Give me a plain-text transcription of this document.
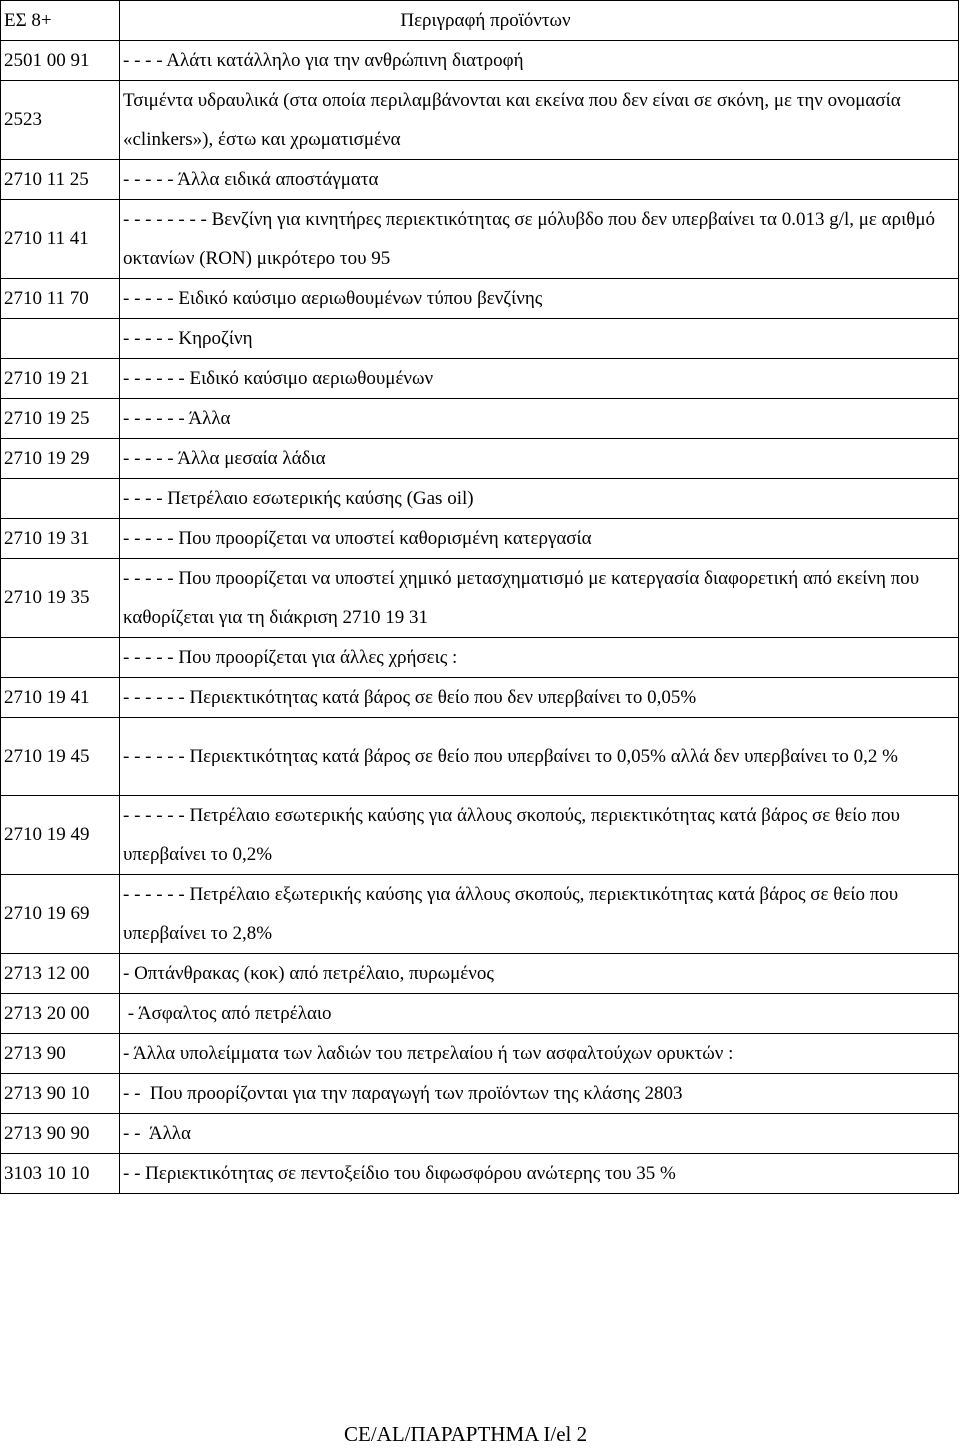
ΕΣ 8+	Περιγραφή προϊόντων
2501 00 91	- - - - Αλάτι κατάλληλο για την ανθρώπινη διατροφή
2523	Τσιμέντα υδραυλικά (στα οποία περιλαμβάνονται και εκείνα που δεν είναι σε σκόνη, με την ονομασία «clinkers»), έστω και χρωματισμένα
2710 11 25	- - - - - Άλλα ειδικά αποστάγματα
2710 11 41	- - - - - - - - Βενζίνη για κινητήρες περιεκτικότητας σε μόλυβδο που δεν υπερβαίνει τα 0.013 g/l, με αριθμό οκτανίων (RON) μικρότερο του 95
2710 11 70	- - - - - Ειδικό καύσιμο αεριωθουμένων τύπου βενζίνης
	- - - - - Κηροζίνη
2710 19 21	- - - - - - Ειδικό καύσιμο αεριωθουμένων
2710 19 25	- - - - - - Άλλα
2710 19 29	- - - - - Άλλα μεσαία λάδια
	- - - - Πετρέλαιο εσωτερικής καύσης (Gas oil)
2710 19 31	- - - - - Που προορίζεται να υποστεί καθορισμένη κατεργασία
2710 19 35	- - - - - Που προορίζεται να υποστεί χημικό μετασχηματισμό με κατεργασία διαφορετική από εκείνη που καθορίζεται για τη διάκριση 2710 19 31
	- - - - - Που προορίζεται για άλλες χρήσεις :
2710 19 41	- - - - - - Περιεκτικότητας κατά βάρος σε θείο που δεν υπερβαίνει το 0,05%
2710 19 45	- - - - - - Περιεκτικότητας κατά βάρος σε θείο που υπερβαίνει το 0,05% αλλά δεν υπερβαίνει το 0,2 %
2710 19 49	- - - - - - Πετρέλαιο εσωτερικής καύσης για άλλους σκοπούς, περιεκτικότητας κατά βάρος σε θείο που υπερβαίνει το 0,2%
2710 19 69	- - - - - - Πετρέλαιο εξωτερικής καύσης για άλλους σκοπούς, περιεκτικότητας κατά βάρος σε θείο που υπερβαίνει το 2,8%
2713 12 00	- Οπτάνθρακας (κοκ) από πετρέλαιο, πυρωμένος
2713 20 00	- Άσφαλτος από πετρέλαιο
2713 90	- Άλλα υπολείμματα των λαδιών του πετρελαίου ή των ασφαλτούχων ορυκτών :
2713 90 10	- -  Που προορίζονται για την παραγωγή των προϊόντων της κλάσης 2803
2713 90 90	- -  Άλλα
3103 10 10	- - Περιεκτικότητας σε πεντοξείδιο του διφωσφόρου ανώτερης του 35 %
CE/AL/ΠΑΡΑΡΤΗΜΑ I/el 2
